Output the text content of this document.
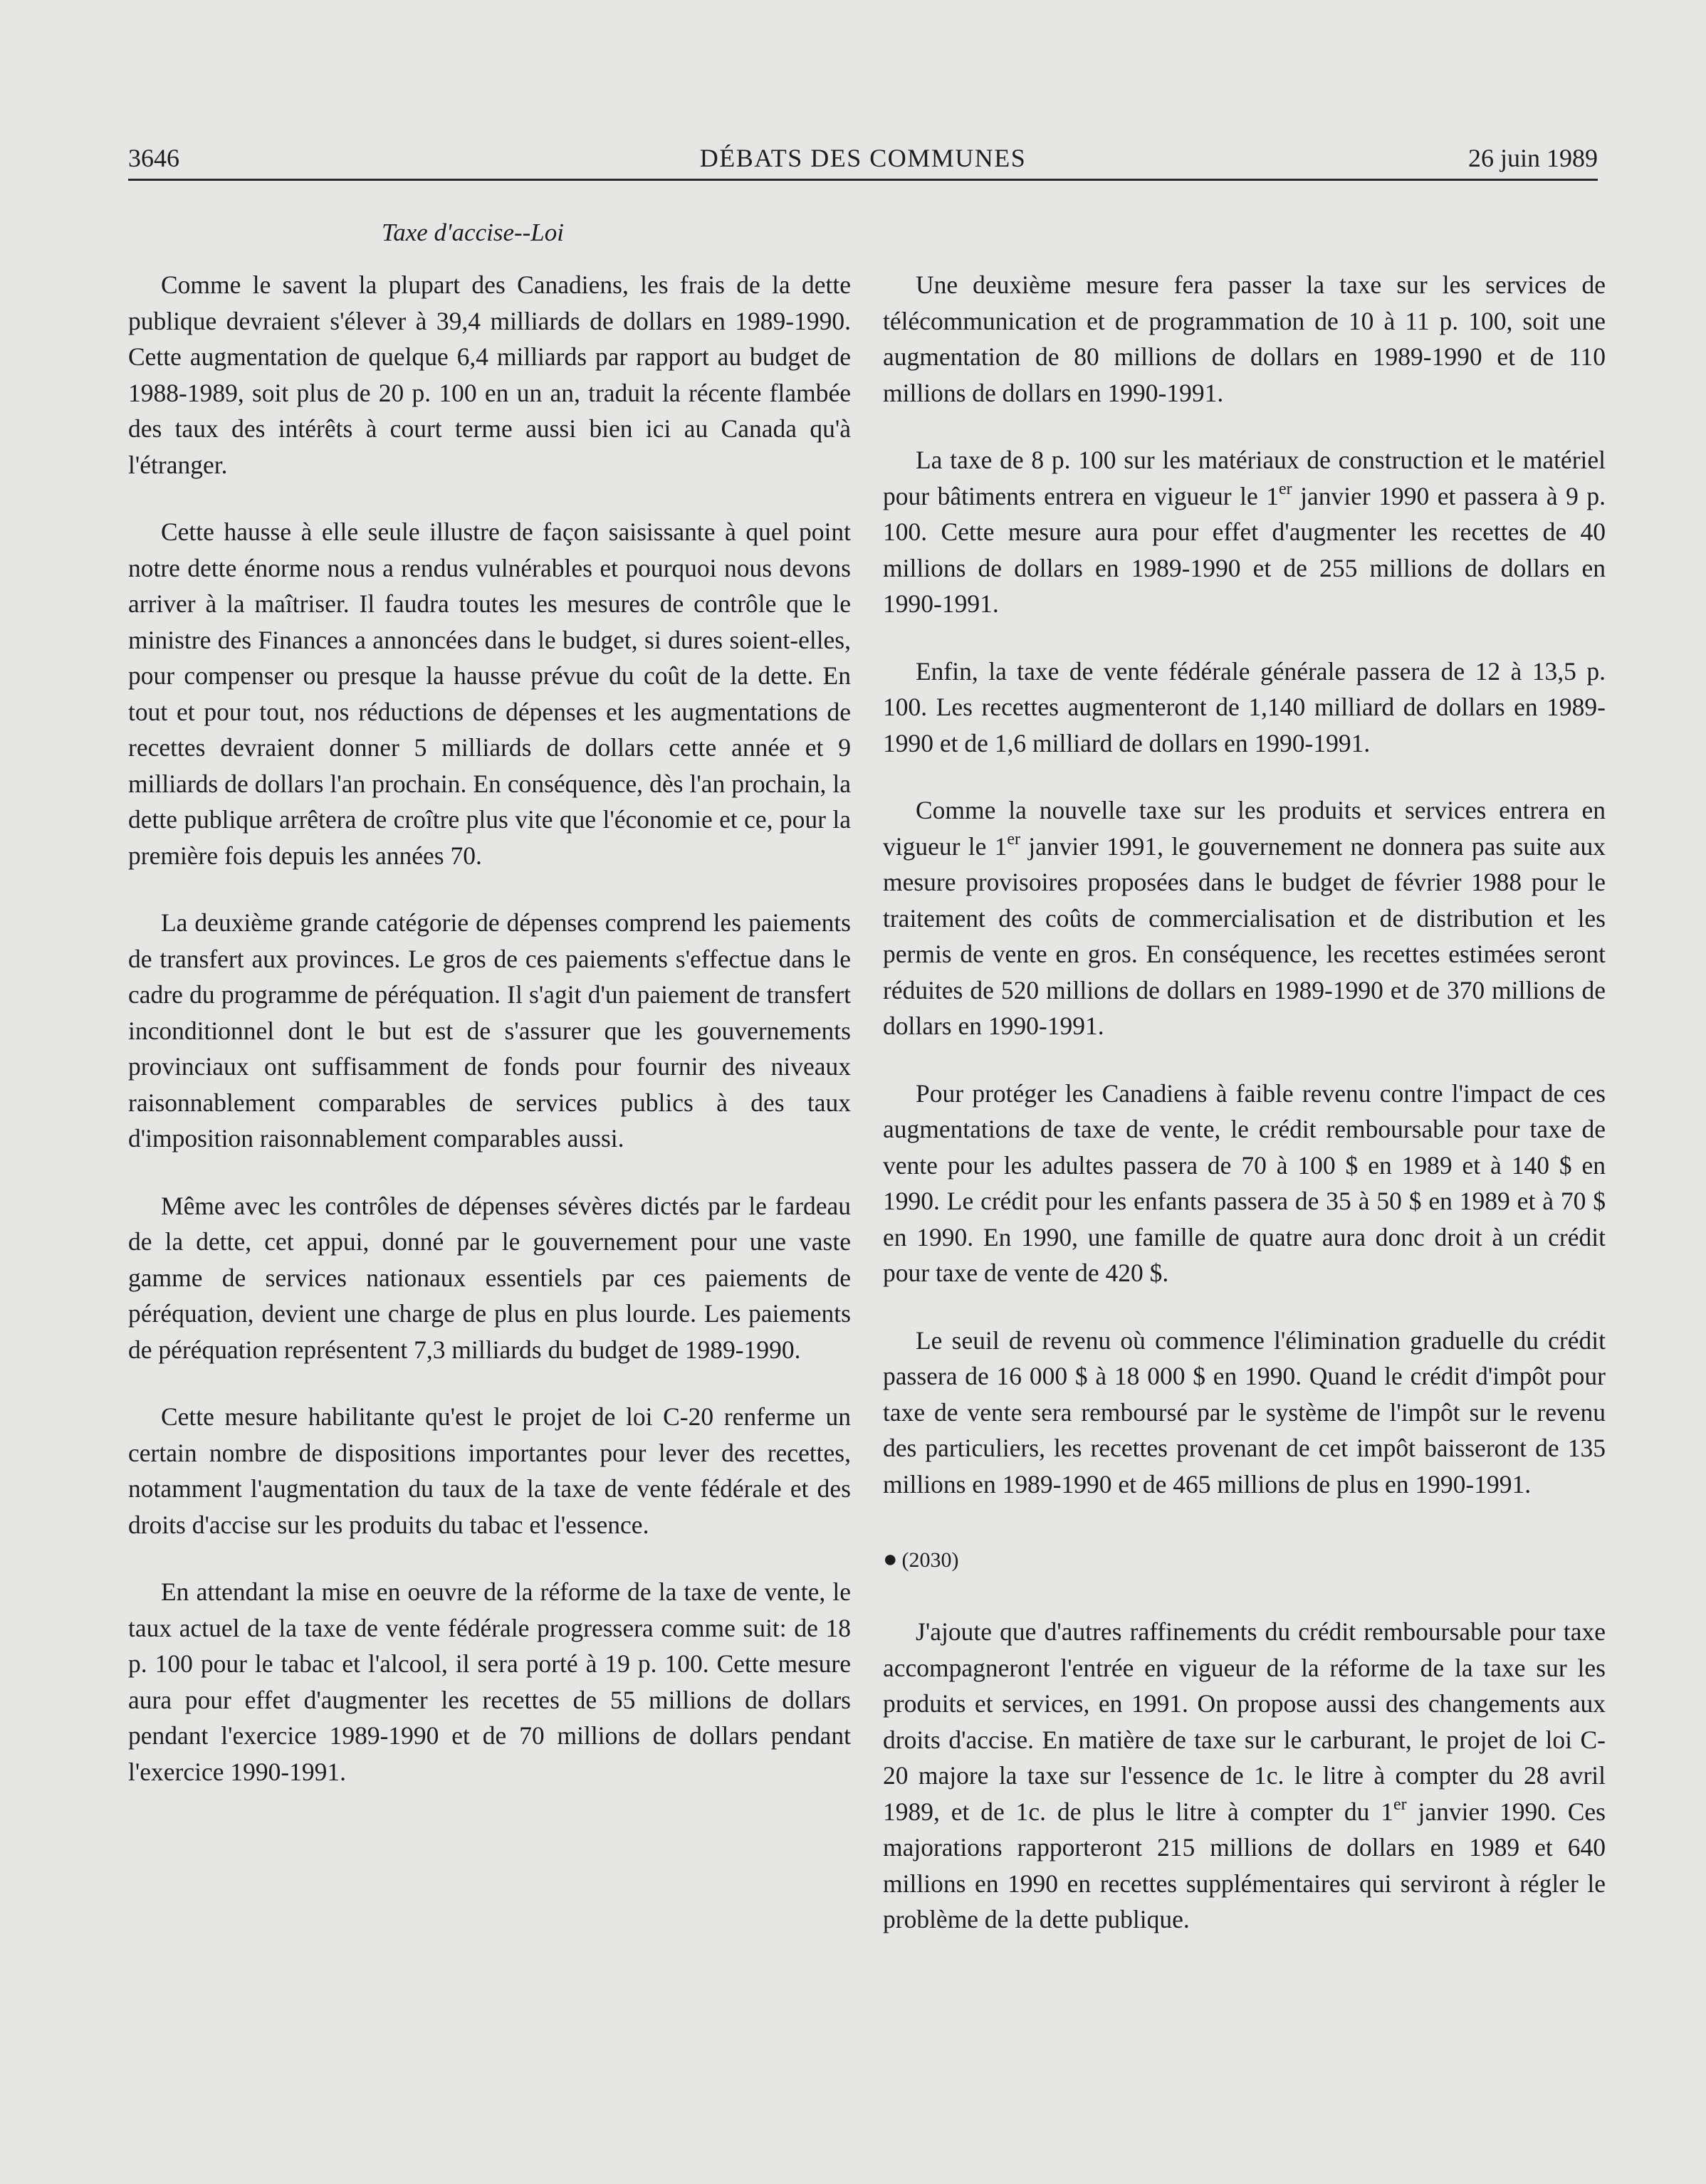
3646	DÉBATS DES COMMUNES	26 juin 1989
Taxe d'accise--Loi

Comme le savent la plupart des Canadiens, les frais de la dette publique devraient s'élever à 39,4 milliards de dollars en 1989-1990. Cette augmentation de quelque 6,4 milliards par rapport au budget de 1988-1989, soit plus de 20 p. 100 en un an, traduit la récente flambée des taux des intérêts à court terme aussi bien ici au Canada qu'à l'étranger.

Cette hausse à elle seule illustre de façon saisissante à quel point notre dette énorme nous a rendus vulnérables et pourquoi nous devons arriver à la maîtriser. Il faudra toutes les mesures de contrôle que le ministre des Finances a annoncées dans le budget, si dures soient-elles, pour compenser ou presque la hausse prévue du coût de la dette. En tout et pour tout, nos réductions de dépenses et les augmentations de recettes devraient donner 5 milliards de dollars cette année et 9 milliards de dollars l'an prochain. En conséquence, dès l'an prochain, la dette publique arrêtera de croître plus vite que l'économie et ce, pour la première fois depuis les années 70.

La deuxième grande catégorie de dépenses comprend les paiements de transfert aux provinces. Le gros de ces paiements s'effectue dans le cadre du programme de péréquation. Il s'agit d'un paiement de transfert inconditionnel dont le but est de s'assurer que les gouvernements provinciaux ont suffisamment de fonds pour fournir des niveaux raisonnablement comparables de services publics à des taux d'imposition raisonnablement comparables aussi.

Même avec les contrôles de dépenses sévères dictés par le fardeau de la dette, cet appui, donné par le gouvernement pour une vaste gamme de services nationaux essentiels par ces paiements de péréquation, devient une charge de plus en plus lourde. Les paiements de péréquation représentent 7,3 milliards du budget de 1989-1990.

Cette mesure habilitante qu'est le projet de loi C-20 renferme un certain nombre de dispositions importantes pour lever des recettes, notamment l'augmentation du taux de la taxe de vente fédérale et des droits d'accise sur les produits du tabac et l'essence.

En attendant la mise en oeuvre de la réforme de la taxe de vente, le taux actuel de la taxe de vente fédérale progressera comme suit: de 18 p. 100 pour le tabac et l'alcool, il sera porté à 19 p. 100. Cette mesure aura pour effet d'augmenter les recettes de 55 millions de dollars pendant l'exercice 1989-1990 et de 70 millions de dollars pendant l'exercice 1990-1991.

Une deuxième mesure fera passer la taxe sur les services de télécommunication et de programmation de 10 à 11 p. 100, soit une augmentation de 80 millions de dollars en 1989-1990 et de 110 millions de dollars en 1990-1991.

La taxe de 8 p. 100 sur les matériaux de construction et le matériel pour bâtiments entrera en vigueur le 1er janvier 1990 et passera à 9 p. 100. Cette mesure aura pour effet d'augmenter les recettes de 40 millions de dollars en 1989-1990 et de 255 millions de dollars en 1990-1991.

Enfin, la taxe de vente fédérale générale passera de 12 à 13,5 p. 100. Les recettes augmenteront de 1,140 milliard de dollars en 1989-1990 et de 1,6 milliard de dollars en 1990-1991.

Comme la nouvelle taxe sur les produits et services entrera en vigueur le 1er janvier 1991, le gouvernement ne donnera pas suite aux mesure provisoires proposées dans le budget de février 1988 pour le traitement des coûts de commercialisation et de distribution et les permis de vente en gros. En conséquence, les recettes estimées seront réduites de 520 millions de dollars en 1989-1990 et de 370 millions de dollars en 1990-1991.

Pour protéger les Canadiens à faible revenu contre l'impact de ces augmentations de taxe de vente, le crédit remboursable pour taxe de vente pour les adultes passera de 70 à 100 $ en 1989 et à 140 $ en 1990. Le crédit pour les enfants passera de 35 à 50 $ en 1989 et à 70 $ en 1990. En 1990, une famille de quatre aura donc droit à un crédit pour taxe de vente de 420 $.

Le seuil de revenu où commence l'élimination graduelle du crédit passera de 16 000 $ à 18 000 $ en 1990. Quand le crédit d'impôt pour taxe de vente sera remboursé par le système de l'impôt sur le revenu des particuliers, les recettes provenant de cet impôt baisseront de 135 millions en 1989-1990 et de 465 millions de plus en 1990-1991.

● (2030)

J'ajoute que d'autres raffinements du crédit remboursable pour taxe accompagneront l'entrée en vigueur de la réforme de la taxe sur les produits et services, en 1991. On propose aussi des changements aux droits d'accise. En matière de taxe sur le carburant, le projet de loi C-20 majore la taxe sur l'essence de 1c. le litre à compter du 28 avril 1989, et de 1c. de plus le litre à compter du 1er janvier 1990. Ces majorations rapporteront 215 millions de dollars en 1989 et 640 millions en 1990 en recettes supplémentaires qui serviront à régler le problème de la dette publique.
